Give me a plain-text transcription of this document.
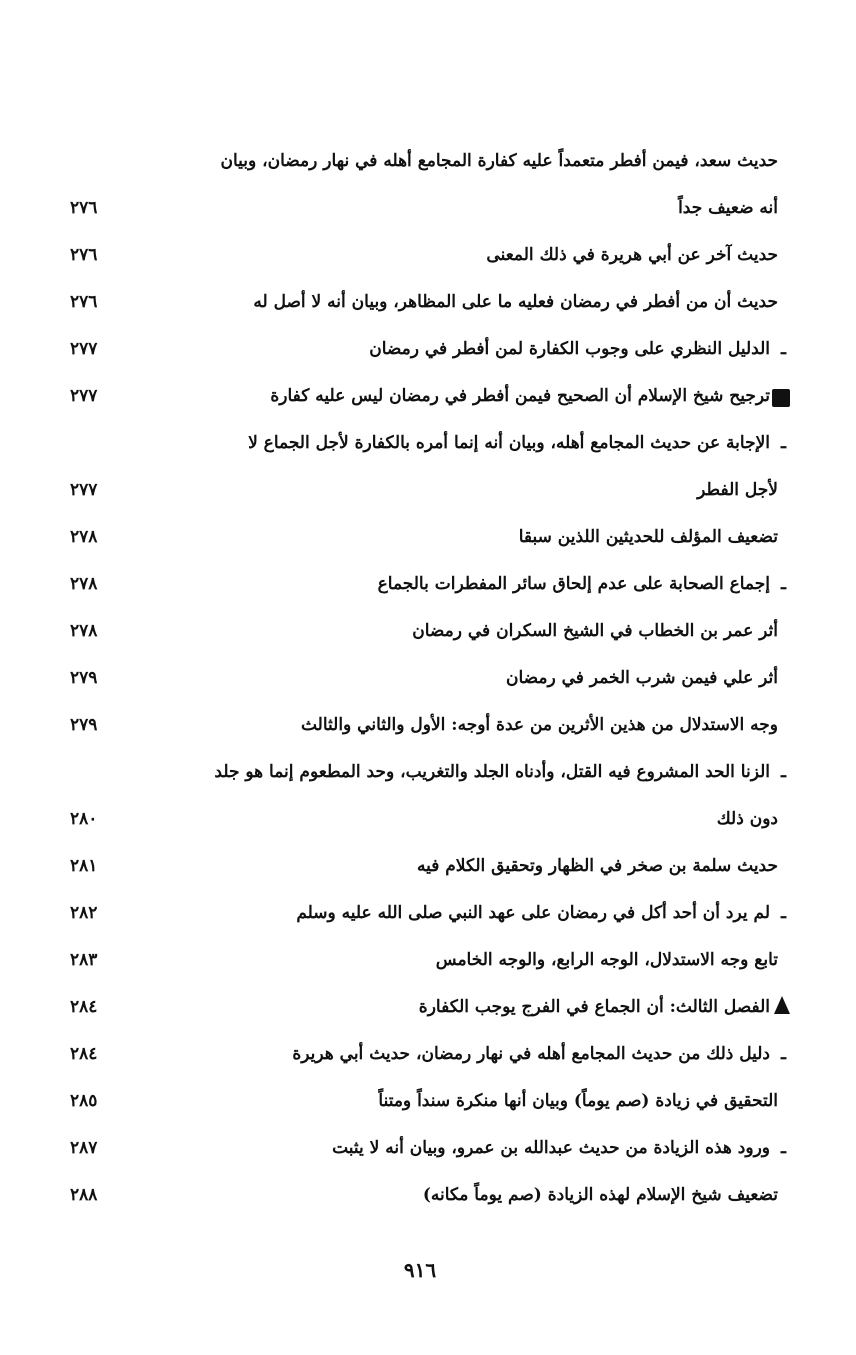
حديث سعد، فيمن أفطر متعمداً عليه كفارة المجامع أهله في نهار رمضان، وبيان
أنه ضعيف جداً
٢٧٦
حديث آخر عن أبي هريرة في ذلك المعنى
٢٧٦
حديث أن من أفطر في رمضان فعليه ما على المظاهر، وبيان أنه لا أصل له
٢٧٦
ـ
الدليل النظري على وجوب الكفارة لمن أفطر في رمضان
٢٧٧
ترجيح شيخ الإسلام أن الصحيح فيمن أفطر في رمضان ليس عليه كفارة
٢٧٧
ـ
الإجابة عن حديث المجامع أهله، وبيان أنه إنما أمره بالكفارة لأجل الجماع لا
لأجل الفطر
٢٧٧
تضعيف المؤلف للحديثين اللذين سبقا
٢٧٨
ـ
إجماع الصحابة على عدم إلحاق سائر المفطرات بالجماع
٢٧٨
أثر عمر بن الخطاب في الشيخ السكران في رمضان
٢٧٨
أثر علي فيمن شرب الخمر في رمضان
٢٧٩
وجه الاستدلال من هذين الأثرين من عدة أوجه: الأول والثاني والثالث
٢٧٩
ـ
الزنا الحد المشروع فيه القتل، وأدناه الجلد والتغريب، وحد المطعوم إنما هو جلد
دون ذلك
٢٨٠
حديث سلمة بن صخر في الظهار وتحقيق الكلام فيه
٢٨١
ـ
لم يرد أن أحد أكل في رمضان على عهد النبي صلى الله عليه وسلم
٢٨٢
تابع وجه الاستدلال، الوجه الرابع، والوجه الخامس
٢٨٣
الفصل الثالث: أن الجماع في الفرج يوجب الكفارة
٢٨٤
ـ
دليل ذلك من حديث المجامع أهله في نهار رمضان، حديث أبي هريرة
٢٨٤
التحقيق في زيادة (صم يوماً) وبيان أنها منكرة سنداً ومتناً
٢٨٥
ـ
ورود هذه الزيادة من حديث عبدالله بن عمرو، وبيان أنه لا يثبت
٢٨٧
تضعيف شيخ الإسلام لهذه الزيادة (صم يوماً مكانه)
٢٨٨
٩١٦
